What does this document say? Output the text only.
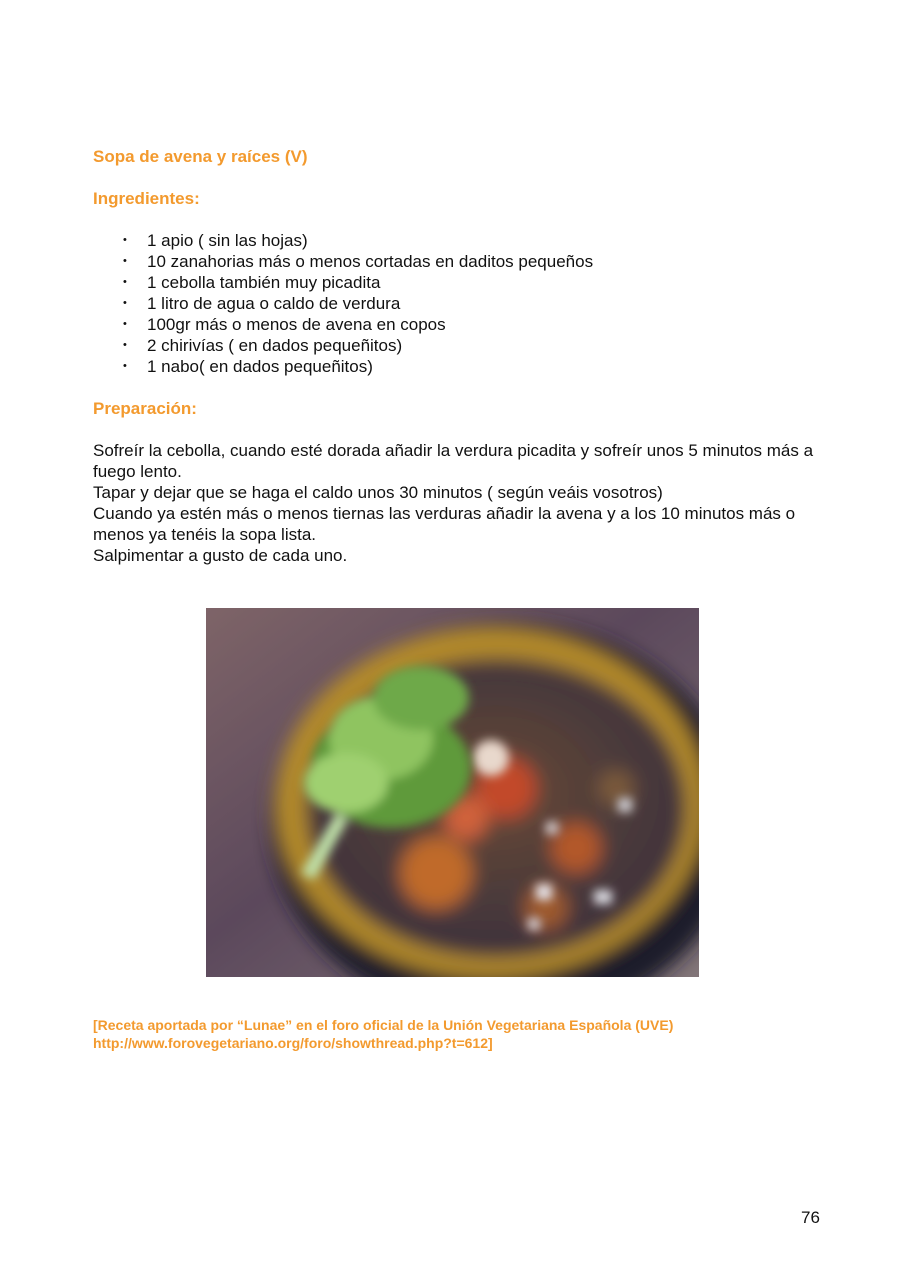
Sopa de avena y raíces (V)
Ingredientes:
• 1 apio ( sin las hojas)
• 10 zanahorias más o menos cortadas en daditos pequeños
• 1 cebolla también muy picadita
• 1 litro de agua o caldo de verdura
• 100gr más o menos de avena en copos
• 2 chirivías ( en dados pequeñitos)
• 1 nabo( en dados pequeñitos)
Preparación:

Sofreír la cebolla, cuando esté dorada añadir la verdura picadita y sofreír unos 5 minutos más a fuego lento.

Tapar y dejar que se haga el caldo unos 30 minutos ( según veáis vosotros)

Cuando ya estén más o menos tiernas las verduras añadir la avena y a los 10 minutos más o menos ya tenéis la sopa lista.

Salpimentar a gusto de cada uno.

[Receta aportada por “Lunae” en el foro oficial de la Unión Vegetariana Española (UVE)

http://www.forovegetariano.org/foro/showthread.php?t=612]

76
